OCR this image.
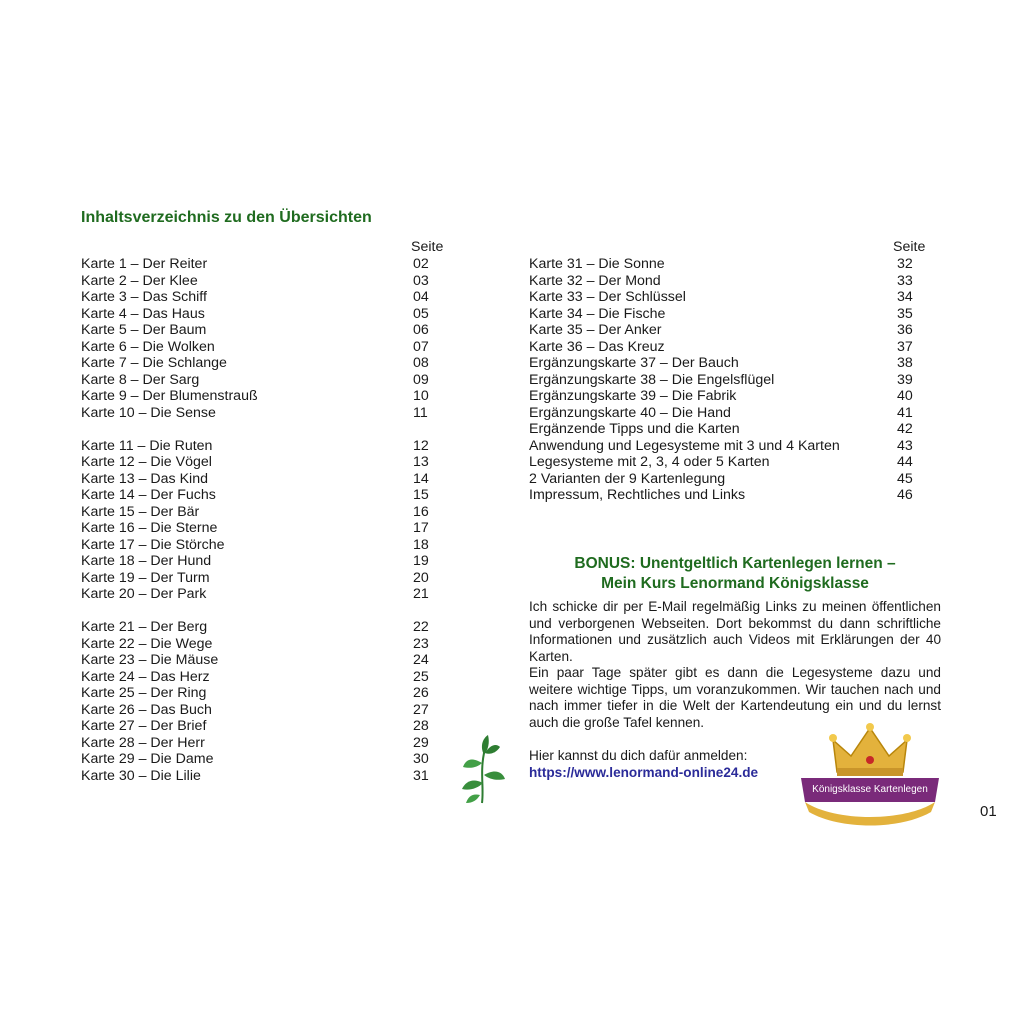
Inhaltsverzeichnis zu den Übersichten
Seite
Karte 1 – Der Reiter	02
Karte 2 – Der Klee	03
Karte 3 – Das Schiff	04
Karte 4 – Das Haus	05
Karte 5 – Der Baum	06
Karte 6 – Die Wolken	07
Karte 7 – Die Schlange	08
Karte 8 – Der Sarg	09
Karte 9 – Der Blumenstrauß	10
Karte 10 – Die Sense	11
Karte 11 – Die Ruten	12
Karte 12 – Die Vögel	13
Karte 13 – Das Kind	14
Karte 14 – Der Fuchs	15
Karte 15 – Der Bär	16
Karte 16 – Die Sterne	17
Karte 17 – Die Störche	18
Karte 18 – Der Hund	19
Karte 19 – Der Turm	20
Karte 20 – Der Park	21
Karte 21 – Der Berg	22
Karte 22 – Die Wege	23
Karte 23 – Die Mäuse	24
Karte 24 – Das Herz	25
Karte 25 – Der Ring	26
Karte 26 – Das Buch	27
Karte 27 – Der Brief	28
Karte 28 – Der Herr	29
Karte 29 – Die Dame	30
Karte 30 – Die Lilie	31
Seite
Karte 31 – Die Sonne	32
Karte 32 – Der Mond	33
Karte 33 – Der Schlüssel	34
Karte 34 – Die Fische	35
Karte 35 – Der Anker	36
Karte 36 – Das Kreuz	37
Ergänzungskarte 37 – Der Bauch	38
Ergänzungskarte 38 – Die Engelsflügel	39
Ergänzungskarte 39 – Die Fabrik	40
Ergänzungskarte 40 – Die Hand	41
Ergänzende Tipps und die Karten	42
Anwendung und Legesysteme mit 3 und 4 Karten	43
Legesysteme mit 2, 3, 4 oder 5 Karten	44
2 Varianten der 9 Kartenlegung	45
Impressum, Rechtliches und Links	46
BONUS: Unentgeltlich Kartenlegen lernen –
Mein Kurs Lenormand Königsklasse

Ich schicke dir per E-Mail regelmäßig Links zu meinen öffentlichen und verborgenen Webseiten. Dort bekommst du dann schriftliche Informationen und zusätzlich auch Videos mit Erklärungen der 40 Karten.

Ein paar Tage später gibt es dann die Legesysteme dazu und weitere wichtige Tipps, um voranzukommen. Wir tauchen nach und nach immer tiefer in die Welt der Kartendeutung ein und du lernst auch die große Tafel kennen.

Hier kannst du dich dafür anmelden:
https://www.lenormand-online24.de
Königsklasse Kartenlegen
01
